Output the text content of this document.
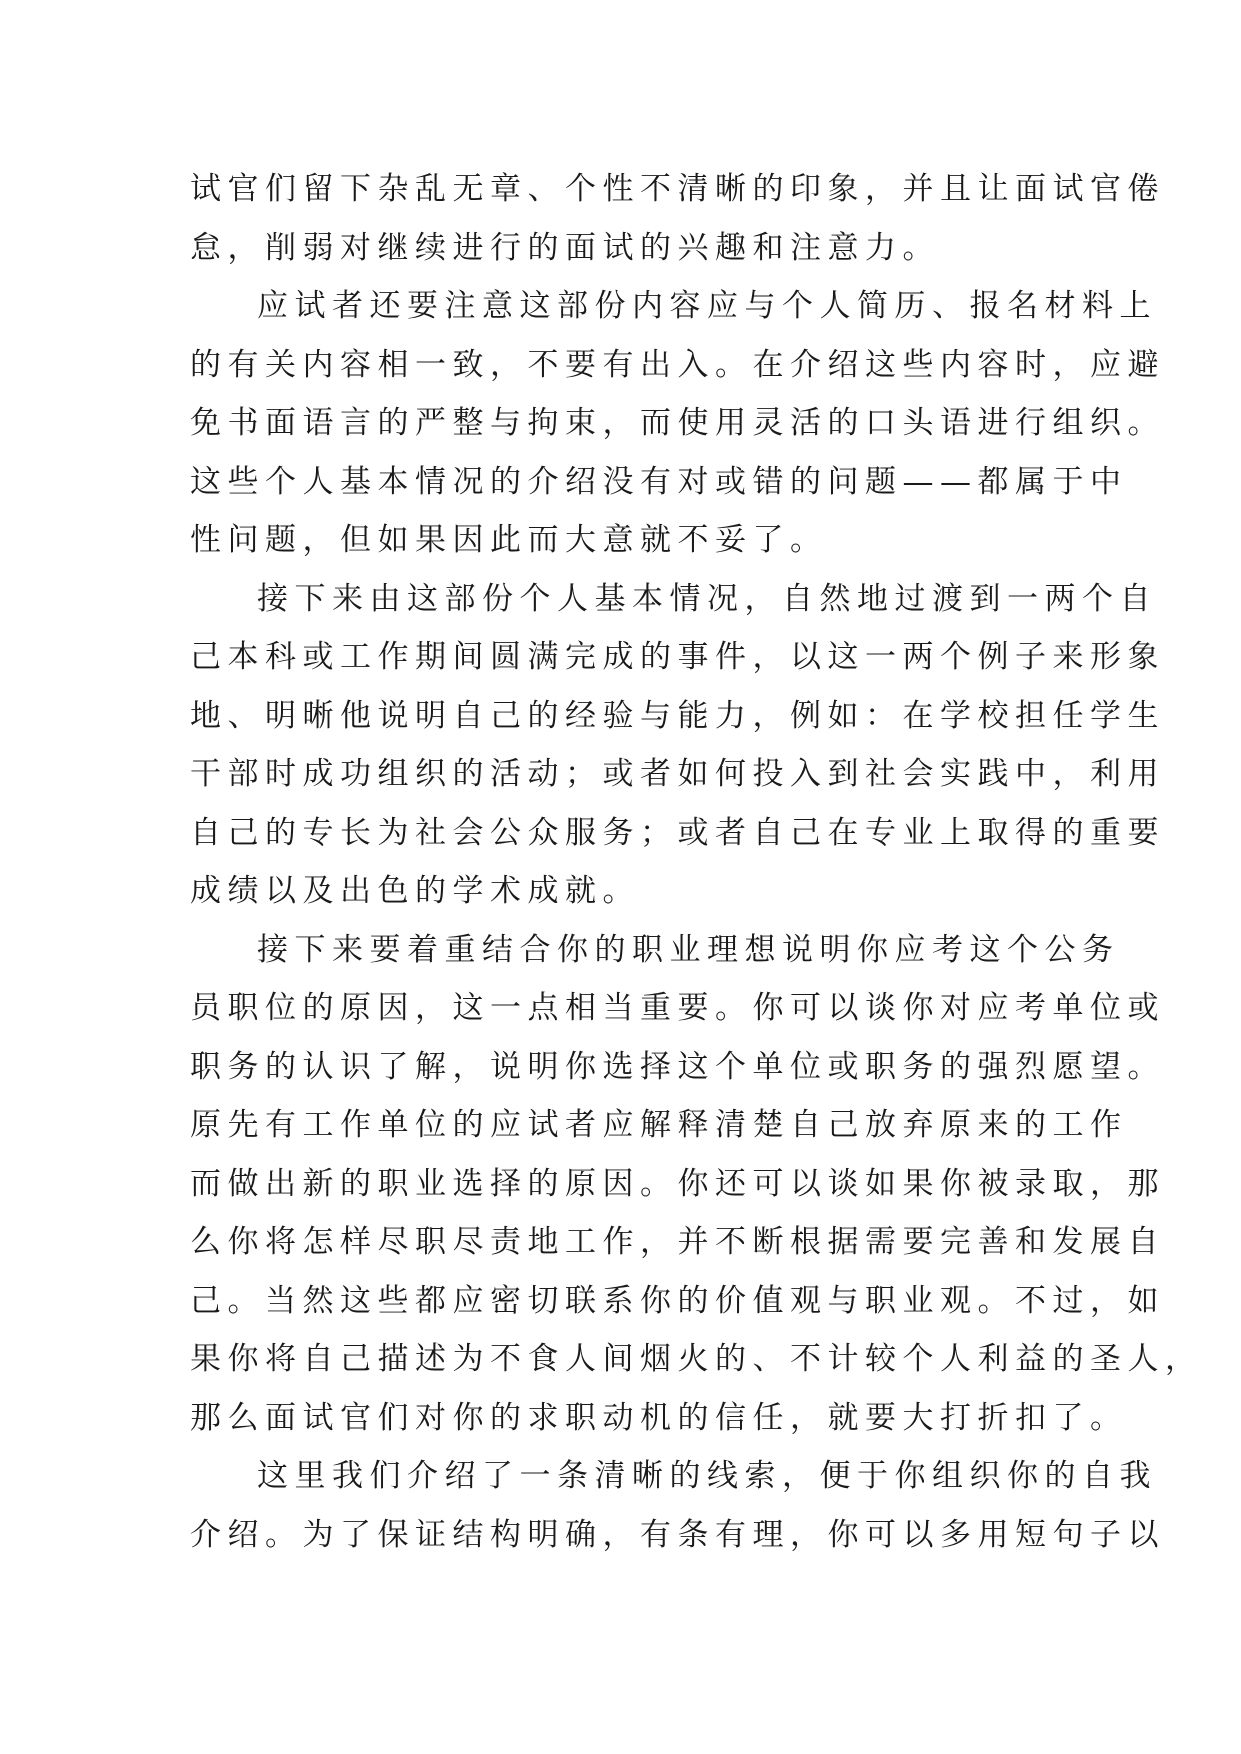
试官们留下杂乱无章、个性不清晰的印象，并且让面试官倦
怠，削弱对继续进行的面试的兴趣和注意力。
应试者还要注意这部份内容应与个人简历、报名材料上
的有关内容相一致，不要有出入。在介绍这些内容时，应避
免书面语言的严整与拘束，而使用灵活的口头语进行组织。
这些个人基本情况的介绍没有对或错的问题——都属于中
性问题，但如果因此而大意就不妥了。
接下来由这部份个人基本情况，自然地过渡到一两个自
己本科或工作期间圆满完成的事件，以这一两个例子来形象
地、明晰他说明自己的经验与能力，例如：在学校担任学生
干部时成功组织的活动；或者如何投入到社会实践中，利用
自己的专长为社会公众服务；或者自己在专业上取得的重要
成绩以及出色的学术成就。
接下来要着重结合你的职业理想说明你应考这个公务
员职位的原因，这一点相当重要。你可以谈你对应考单位或
职务的认识了解，说明你选择这个单位或职务的强烈愿望。
原先有工作单位的应试者应解释清楚自己放弃原来的工作
而做出新的职业选择的原因。你还可以谈如果你被录取，那
么你将怎样尽职尽责地工作，并不断根据需要完善和发展自
己。当然这些都应密切联系你的价值观与职业观。不过，如
果你将自己描述为不食人间烟火的、不计较个人利益的圣人，
那么面试官们对你的求职动机的信任，就要大打折扣了。
这里我们介绍了一条清晰的线索，便于你组织你的自我
介绍。为了保证结构明确，有条有理，你可以多用短句子以
